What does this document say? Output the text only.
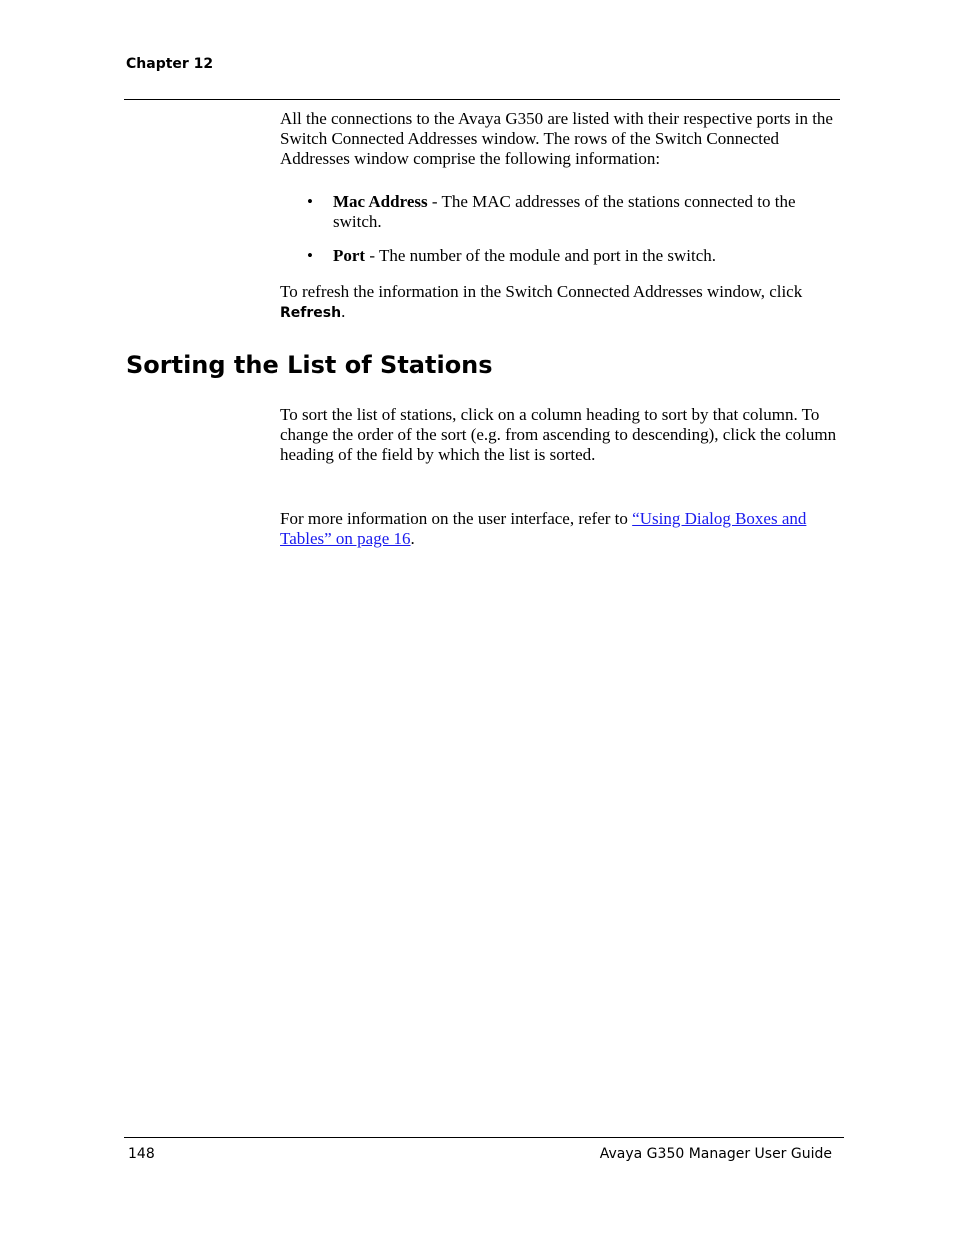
Chapter 12
All the connections to the Avaya G350 are listed with their respective ports in the Switch Connected Addresses window. The rows of the Switch Connected Addresses window comprise the following information:
• Mac Address - The MAC addresses of the stations connected to the switch.
• Port - The number of the module and port in the switch.
To refresh the information in the Switch Connected Addresses window, click Refresh.
Sorting the List of Stations
To sort the list of stations, click on a column heading to sort by that column. To change the order of the sort (e.g. from ascending to descending), click the column heading of the field by which the list is sorted.
For more information on the user interface, refer to “Using Dialog Boxes and Tables” on page 16.
148	Avaya G350 Manager User Guide
